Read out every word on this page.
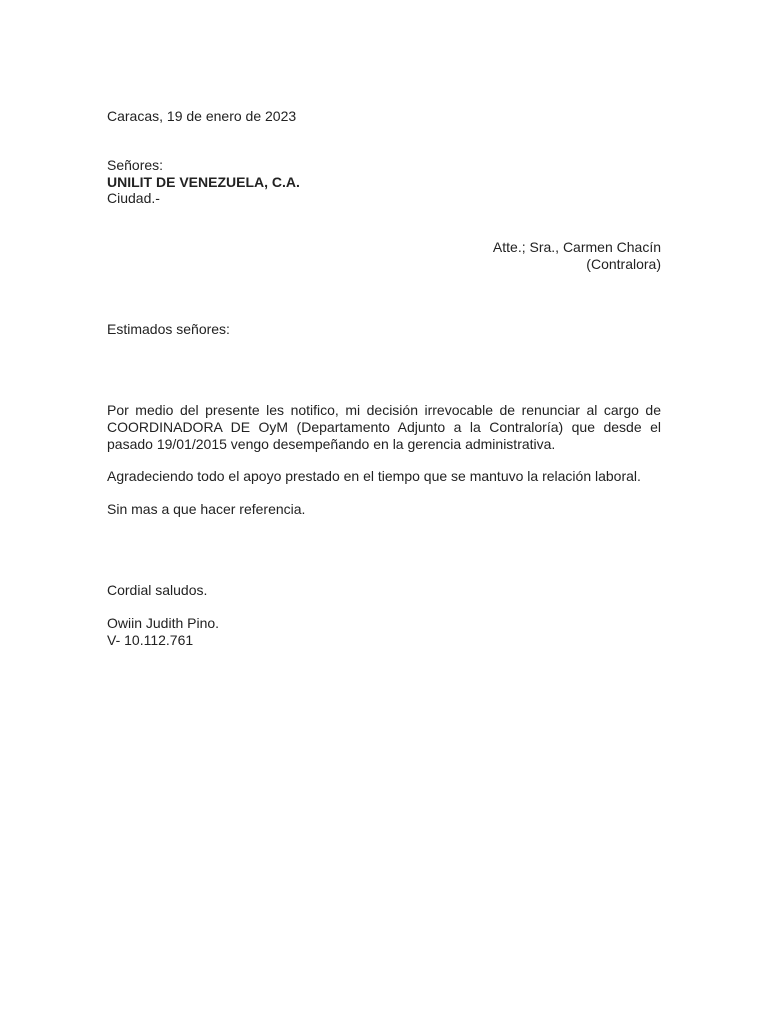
Caracas, 19 de enero de 2023
Señores:
UNILIT DE VENEZUELA, C.A.
Ciudad.-
Atte.; Sra., Carmen Chacín
(Contralora)
Estimados señores:
Por medio del presente les notifico, mi decisión irrevocable de renunciar al cargo de COORDINADORA DE OyM (Departamento Adjunto a la Contraloría) que desde el pasado 19/01/2015 vengo desempeñando en la gerencia administrativa.
Agradeciendo todo el apoyo prestado en el tiempo que se mantuvo la relación laboral.
Sin mas a que hacer referencia.
Cordial saludos.
Owiin Judith Pino.
V- 10.112.761
